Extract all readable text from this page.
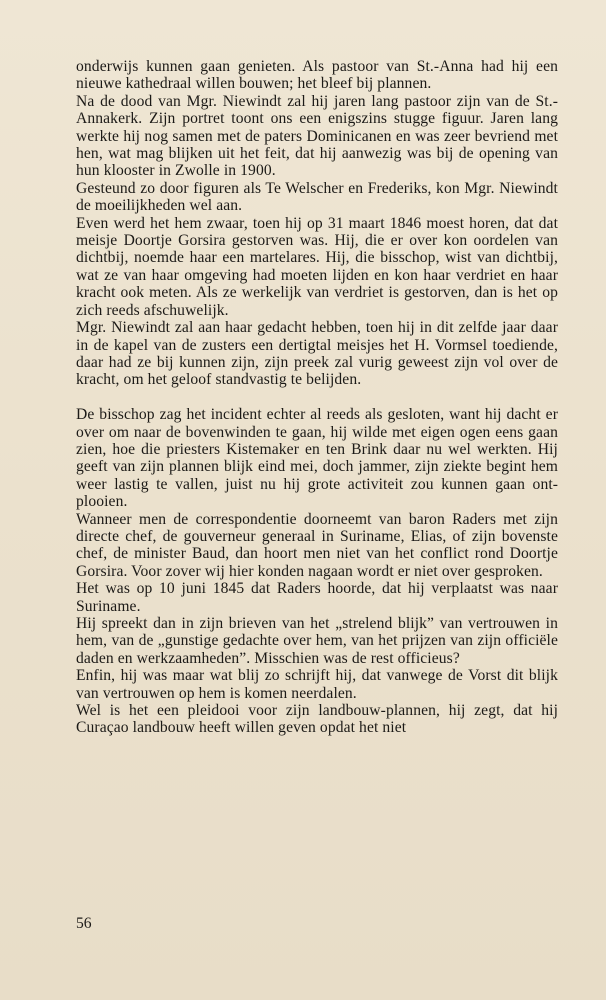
onderwijs kunnen gaan genieten. Als pastoor van St.-Anna had hij een nieuwe kathedraal willen bouwen; het bleef bij plannen.

Na de dood van Mgr. Niewindt zal hij jaren lang pastoor zijn van de St.-Annakerk. Zijn portret toont ons een enigszins stugge figuur. Jaren lang werkte hij nog samen met de paters Dominicanen en was zeer bevriend met hen, wat mag blijken uit het feit, dat hij aanwezig was bij de opening van hun klooster in Zwolle in 1900.

Gesteund zo door figuren als Te Welscher en Frederiks, kon Mgr. Niewindt de moeilijkheden wel aan.

Even werd het hem zwaar, toen hij op 31 maart 1846 moest horen, dat dat meisje Doortje Gorsira gestorven was. Hij, die er over kon oordelen van dichtbij, noemde haar een martelares. Hij, die bisschop, wist van dichtbij, wat ze van haar omgeving had moeten lijden en kon haar verdriet en haar kracht ook meten. Als ze werkelijk van verdriet is gestorven, dan is het op zich reeds afschuwelijk.

Mgr. Niewindt zal aan haar gedacht hebben, toen hij in dit zelfde jaar daar in de kapel van de zusters een dertigtal meisjes het H. Vormsel toediende, daar had ze bij kunnen zijn, zijn preek zal vurig geweest zijn vol over de kracht, om het geloof standvastig te belijden.

De bisschop zag het incident echter al reeds als gesloten, want hij dacht er over om naar de bovenwinden te gaan, hij wilde met eigen ogen eens gaan zien, hoe die priesters Kistemaker en ten Brink daar nu wel werkten. Hij geeft van zijn plannen blijk eind mei, doch jammer, zijn ziekte begint hem weer lastig te vallen, juist nu hij grote activiteit zou kunnen gaan ontplooien.

Wanneer men de correspondentie doorneemt van baron Raders met zijn directe chef, de gouverneur generaal in Suriname, Elias, of zijn bovenste chef, de minister Baud, dan hoort men niet van het conflict rond Doortje Gorsira. Voor zover wij hier konden nagaan wordt er niet over gesproken.

Het was op 10 juni 1845 dat Raders hoorde, dat hij verplaatst was naar Suriname.

Hij spreekt dan in zijn brieven van het „strelend blijk” van vertrouwen in hem, van de „gunstige gedachte over hem, van het prijzen van zijn officiële daden en werkzaamheden”. Misschien was de rest officieus?

Enfin, hij was maar wat blij zo schrijft hij, dat vanwege de Vorst dit blijk van vertrouwen op hem is komen neerdalen.

Wel is het een pleidooi voor zijn landbouw-plannen, hij zegt, dat hij Curaçao landbouw heeft willen geven opdat het niet

56
